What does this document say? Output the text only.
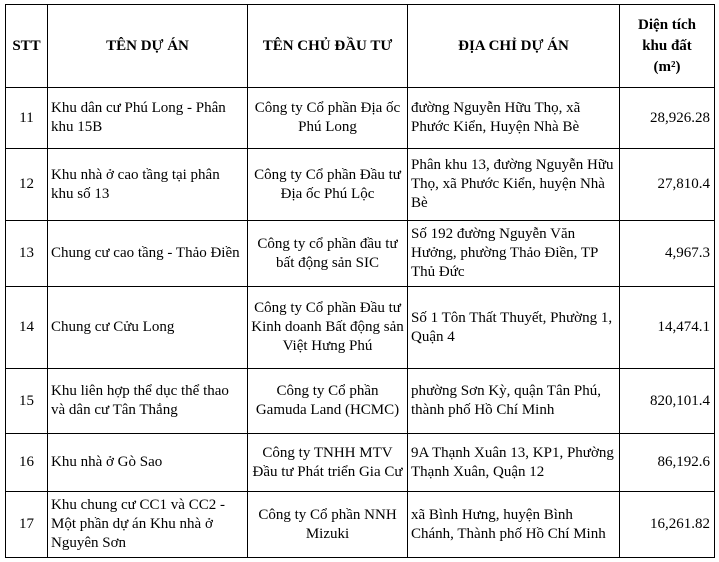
STT	TÊN DỰ ÁN	TÊN CHỦ ĐẦU TƯ	ĐỊA CHỈ DỰ ÁN	Diện tích
khu đất
(m²)

11	Khu dân cư Phú Long - Phân khu 15B	Công ty Cổ phần Địa ốc Phú Long	đường Nguyễn Hữu Thọ, xã Phước Kiển, Huyện Nhà Bè	28,926.28
12	Khu nhà ở cao tầng tại phân khu số 13	Công ty Cổ phần Đầu tư Địa ốc Phú Lộc	Phân khu 13, đường Nguyễn Hữu Thọ, xã Phước Kiển, huyện Nhà Bè	27,810.4
13	Chung cư cao tầng - Thảo Điền	Công ty cổ phần đầu tư bất động sản SIC	Số 192 đường Nguyễn Văn Hưởng, phường Thảo Điền, TP Thủ Đức	4,967.3
14	Chung cư Cửu Long	Công ty Cổ phần Đầu tư Kinh doanh Bất động sản Việt Hưng Phú	Số 1 Tôn Thất Thuyết, Phường 1, Quận 4	14,474.1
15	Khu liên hợp thể dục thể thao và dân cư Tân Thắng	Công ty Cổ phần Gamuda Land (HCMC)	phường Sơn Kỳ, quận Tân Phú, thành phố Hồ Chí Minh	820,101.4
16	Khu nhà ở Gò Sao	Công ty TNHH MTV Đầu tư Phát triển Gia Cư	9A Thạnh Xuân 13, KP1, Phường Thạnh Xuân, Quận 12	86,192.6
17	Khu chung cư CC1 và CC2 - Một phần dự án Khu nhà ở Nguyên Sơn	Công ty Cổ phần NNH Mizuki	xã Bình Hưng, huyện Bình Chánh, Thành phố Hồ Chí Minh	16,261.82
